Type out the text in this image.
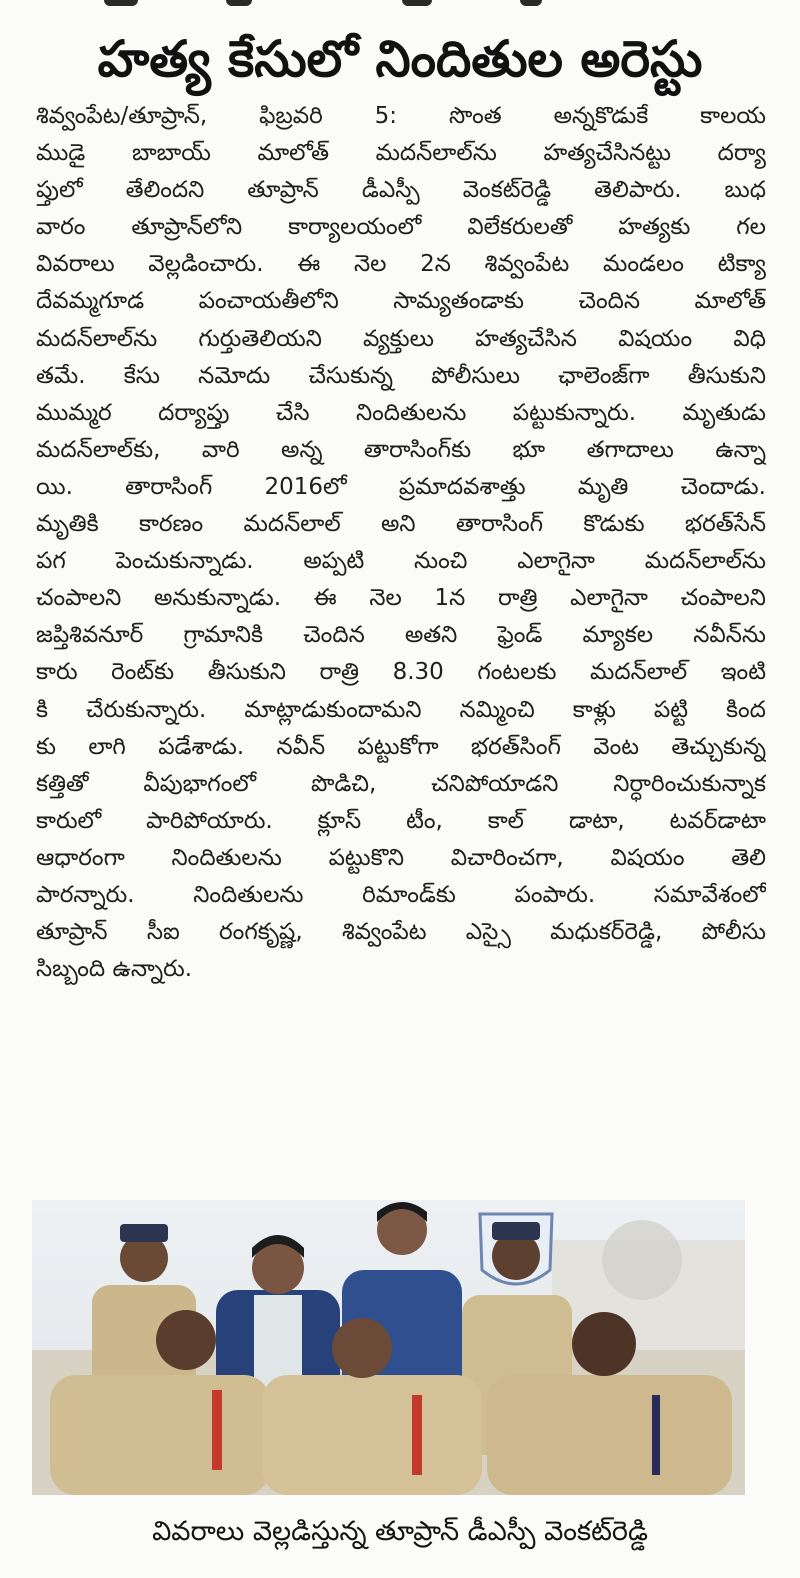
హత్య కేసులో నిందితుల అరెస్టు
శివ్వంపేట/తూప్రాన్, ఫిబ్రవరి 5: సొంత అన్నకొడుకే కాలయ
ముడై బాబాయ్ మాలోత్ మదన్‌లాల్‌ను హత్యచేసినట్టు దర్యా
ప్తులో తేలిందని తూప్రాన్ డీఎస్పీ వెంకట్‌రెడ్డి తెలిపారు. బుధ
వారం తూప్రాన్‌లోని కార్యాలయంలో విలేకరులతో హత్యకు గల
వివరాలు వెల్లడించారు. ఈ నెల 2న శివ్వంపేట మండలం టిక్యా
దేవమ్మగూడ పంచాయతీలోని సామ్యతండాకు చెందిన మాలోత్
మదన్‌లాల్‌ను గుర్తుతెలియని వ్యక్తులు హత్యచేసిన విషయం విధి
తమే. కేసు నమోదు చేసుకున్న పోలీసులు ఛాలెంజ్‌గా తీసుకుని
ముమ్మర దర్యాప్తు చేసి నిందితులను పట్టుకున్నారు. మృతుడు
మదన్‌లాల్‌కు, వారి అన్న తారాసింగ్‌కు భూ తగాదాలు ఉన్నా
యి. తారాసింగ్ 2016లో ప్రమాదవశాత్తు మృతి చెందాడు.
మృతికి కారణం మదన్‌లాల్ అని తారాసింగ్ కొడుకు భరత్‌సేన్
పగ పెంచుకున్నాడు. అప్పటి నుంచి ఎలాగైనా మదన్‌లాల్‌ను
చంపాలని అనుకున్నాడు. ఈ నెల 1న రాత్రి ఎలాగైనా చంపాలని
జప్తిశివనూర్ గ్రామానికి చెందిన అతని ఫ్రెండ్ మ్యాకల నవీన్‌ను
కారు రెంట్‌కు తీసుకుని రాత్రి 8.30 గంటలకు మదన్‌లాల్ ఇంటి
కి చేరుకున్నారు. మాట్లాడుకుందామని నమ్మించి కాళ్లు పట్టి కింద
కు లాగి పడేశాడు. నవీన్ పట్టుకోగా భరత్‌సింగ్ వెంట తెచ్చుకున్న
కత్తితో వీపుభాగంలో పొడిచి, చనిపోయాడని నిర్ధారించుకున్నాక
కారులో పారిపోయారు. క్లూస్ టీం, కాల్ డాటా, టవర్‌డాటా
ఆధారంగా నిందితులను పట్టుకొని విచారించగా, విషయం తెలి
పారన్నారు.	నిందితులను	రిమాండ్‌కు	పంపారు.	సమావేశంలో
తూప్రాన్ సీఐ రంగకృష్ణ, శివ్వంపేట ఎస్సై మధుకర్‌రెడ్డి, పోలీసు
సిబ్బంది ఉన్నారు.
వివరాలు వెల్లడిస్తున్న తూప్రాన్ డీఎస్పీ వెంకట్‌రెడ్డి
